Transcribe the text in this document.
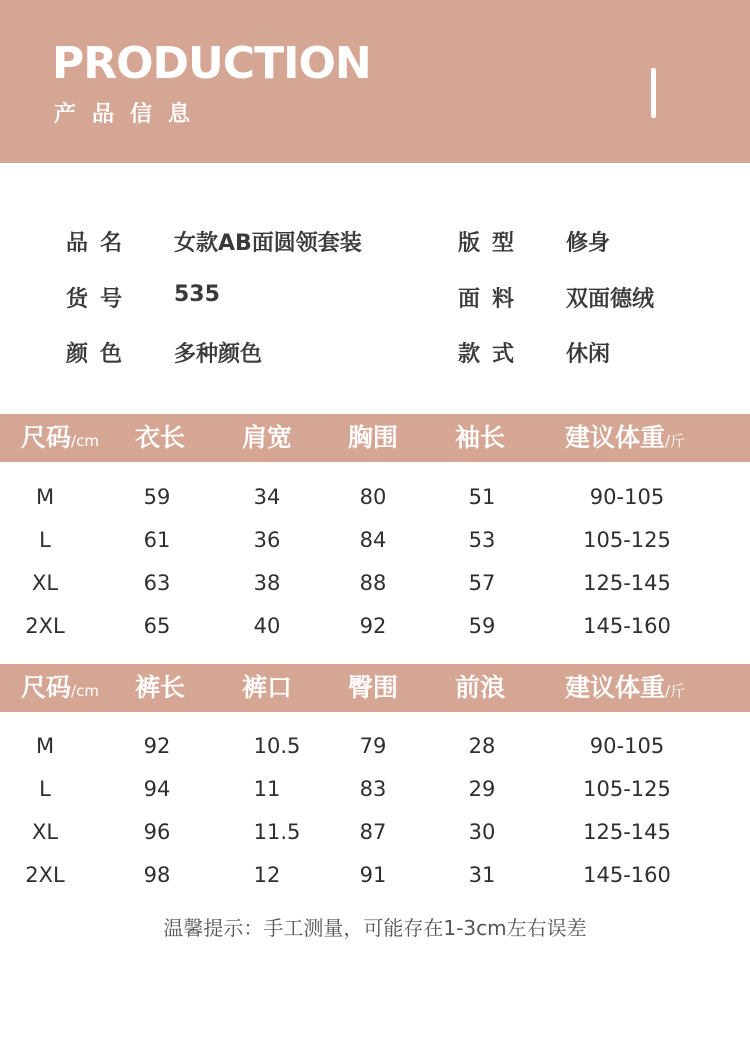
PRODUCTION
产品信息
品名 女款AB面圆领套装	版型 修身
货号 535	面料 双面德绒
颜色 多种颜色	款式 休闲
尺码/cm	衣长	肩宽	胸围	袖长	建议体重/斤
M	59	34	80	51	90-105
L	61	36	84	53	105-125
XL	63	38	88	57	125-145
2XL	65	40	92	59	145-160
尺码/cm	裤长	裤口	臀围	前浪	建议体重/斤
M	92	10.5	79	28	90-105
L	94	11	83	29	105-125
XL	96	11.5	87	30	125-145
2XL	98	12	91	31	145-160
温馨提示：手工测量，可能存在1-3cm左右误差
